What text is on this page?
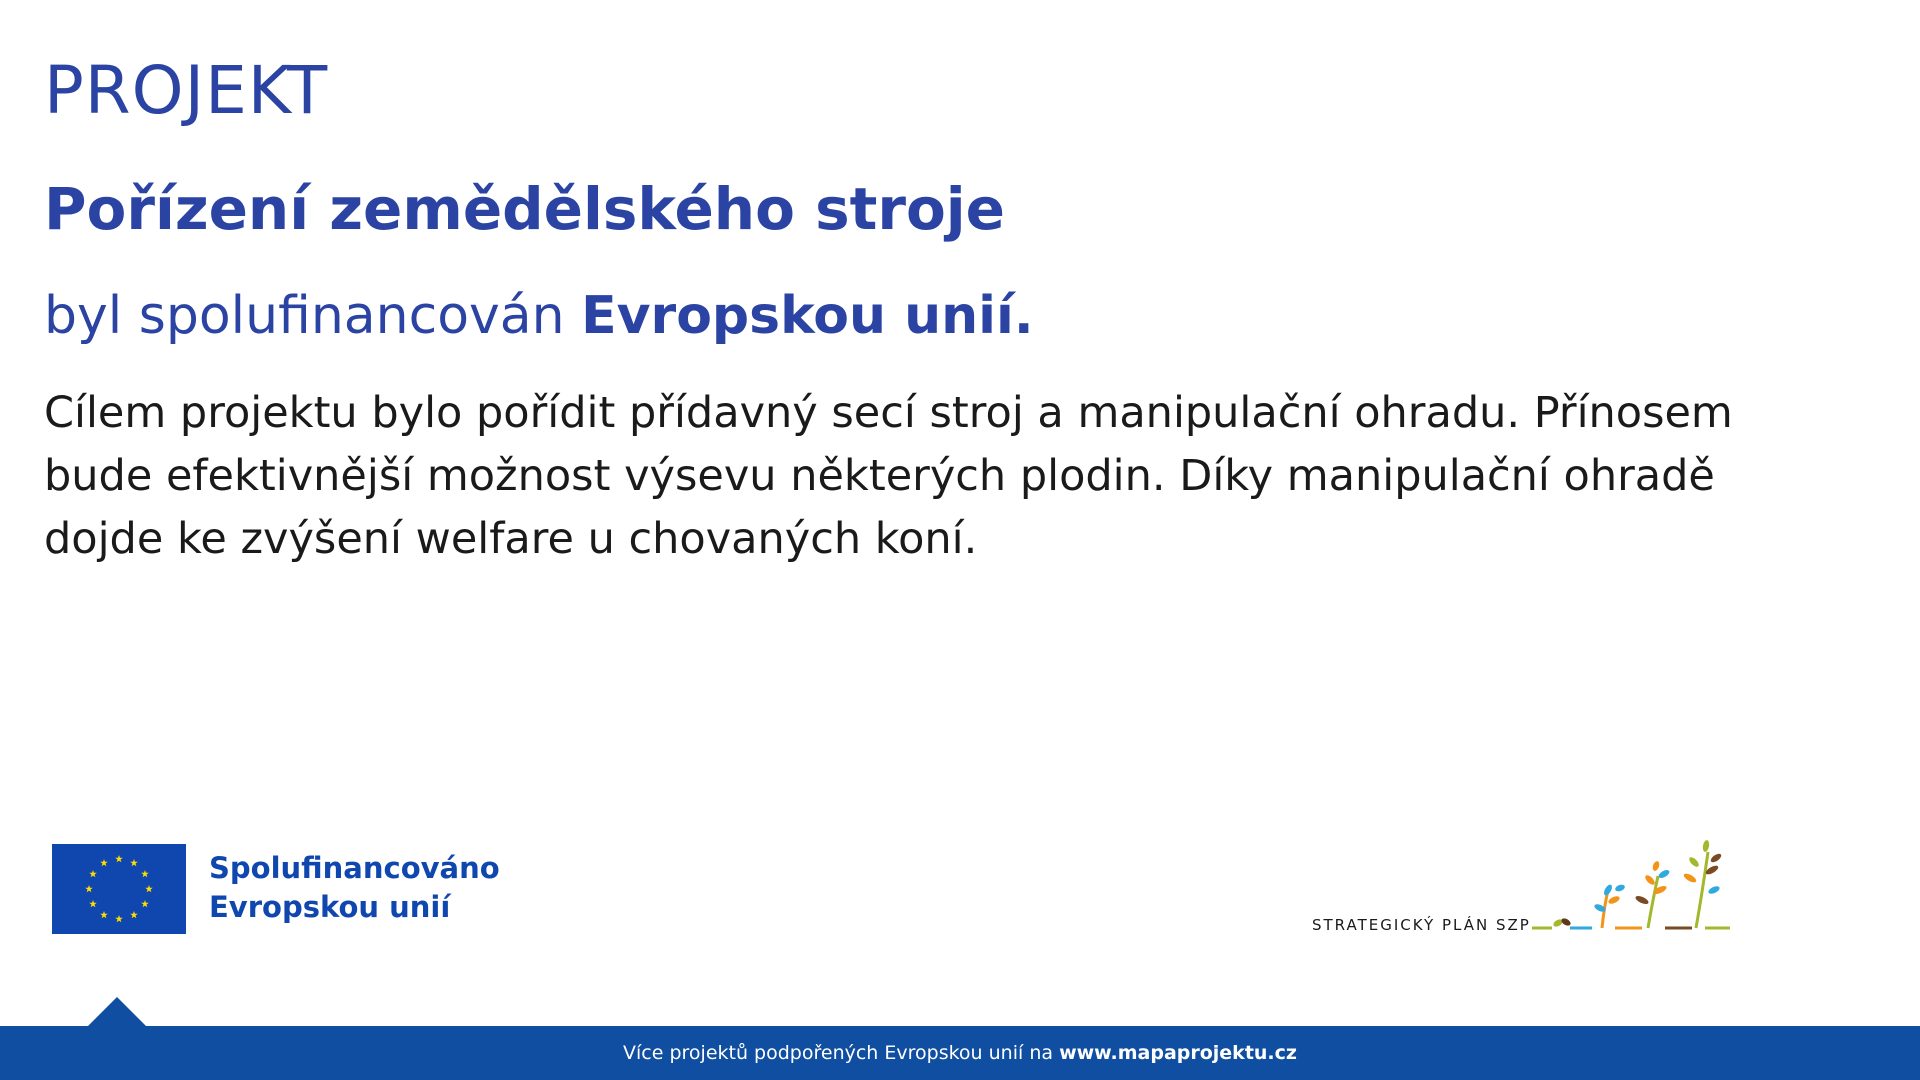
PROJEKT
Pořízení zemědělského stroje
byl spolufinancován Evropskou unií.
Cílem projektu bylo pořídit přídavný secí stroj a manipulační ohradu. Přínosem bude efektivnější možnost výsevu některých plodin. Díky manipulační ohradě dojde ke zvýšení welfare u chovaných koní.
Spolufinancováno
Evropskou unií
STRATEGICKÝ PLÁN SZP
Více projektů podpořených Evropskou unií na www.mapaprojektu.cz
